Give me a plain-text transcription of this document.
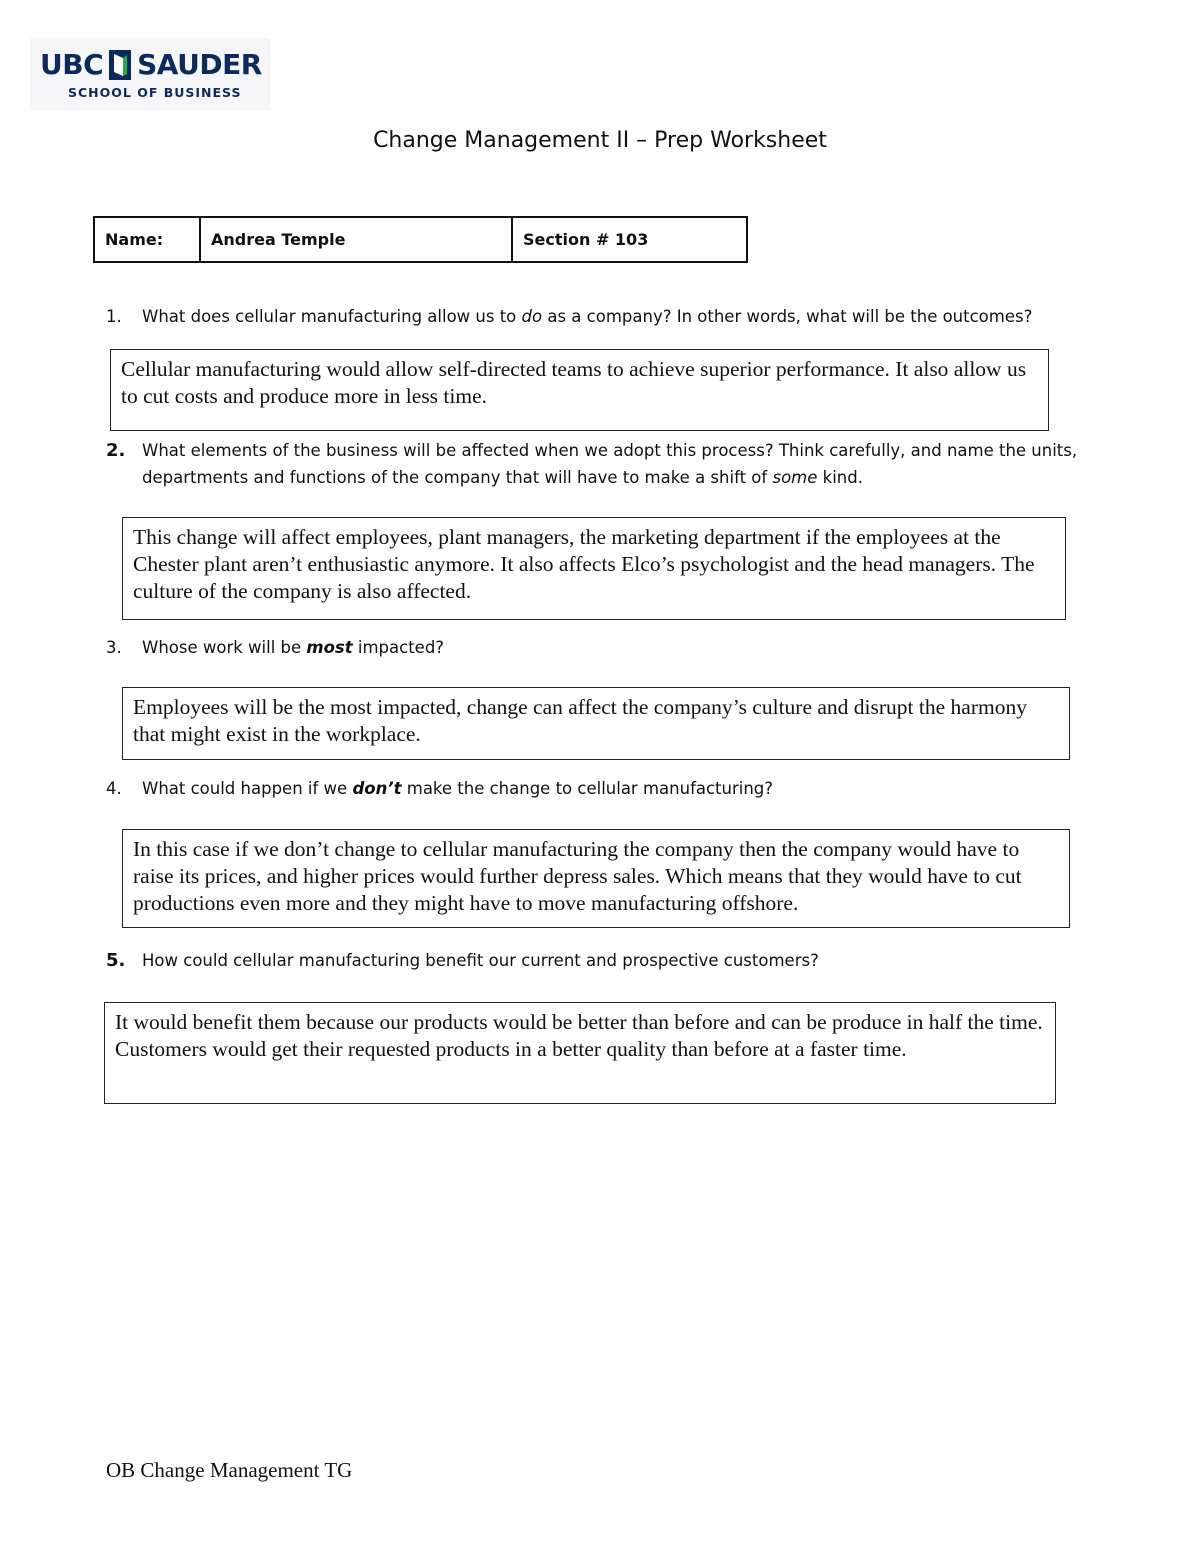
UBC SAUDER
SCHOOL OF BUSINESS
Change Management II – Prep Worksheet
Name:	Andrea Temple	Section # 103
1. What does cellular manufacturing allow us to do as a company? In other words, what will be the outcomes?
Cellular manufacturing would allow self-directed teams to achieve superior performance. It also allow us to cut costs and produce more in less time.
2. What elements of the business will be affected when we adopt this process? Think carefully, and name the units, departments and functions of the company that will have to make a shift of some kind.
This change will affect employees, plant managers, the marketing department if the employees at the Chester plant aren’t enthusiastic anymore. It also affects Elco’s psychologist and the head managers. The culture of the company is also affected.
3. Whose work will be most impacted?
Employees will be the most impacted, change can affect the company’s culture and disrupt the harmony that might exist in the workplace.
4. What could happen if we don’t make the change to cellular manufacturing?
In this case if we don’t change to cellular manufacturing the company then the company would have to raise its prices, and higher prices would further depress sales. Which means that they would have to cut productions even more and they might have to move manufacturing offshore.
5. How could cellular manufacturing benefit our current and prospective customers?
It would benefit them because our products would be better than before and can be produce in half the time. Customers would get their requested products in a better quality than before at a faster time.
OB Change Management TG
